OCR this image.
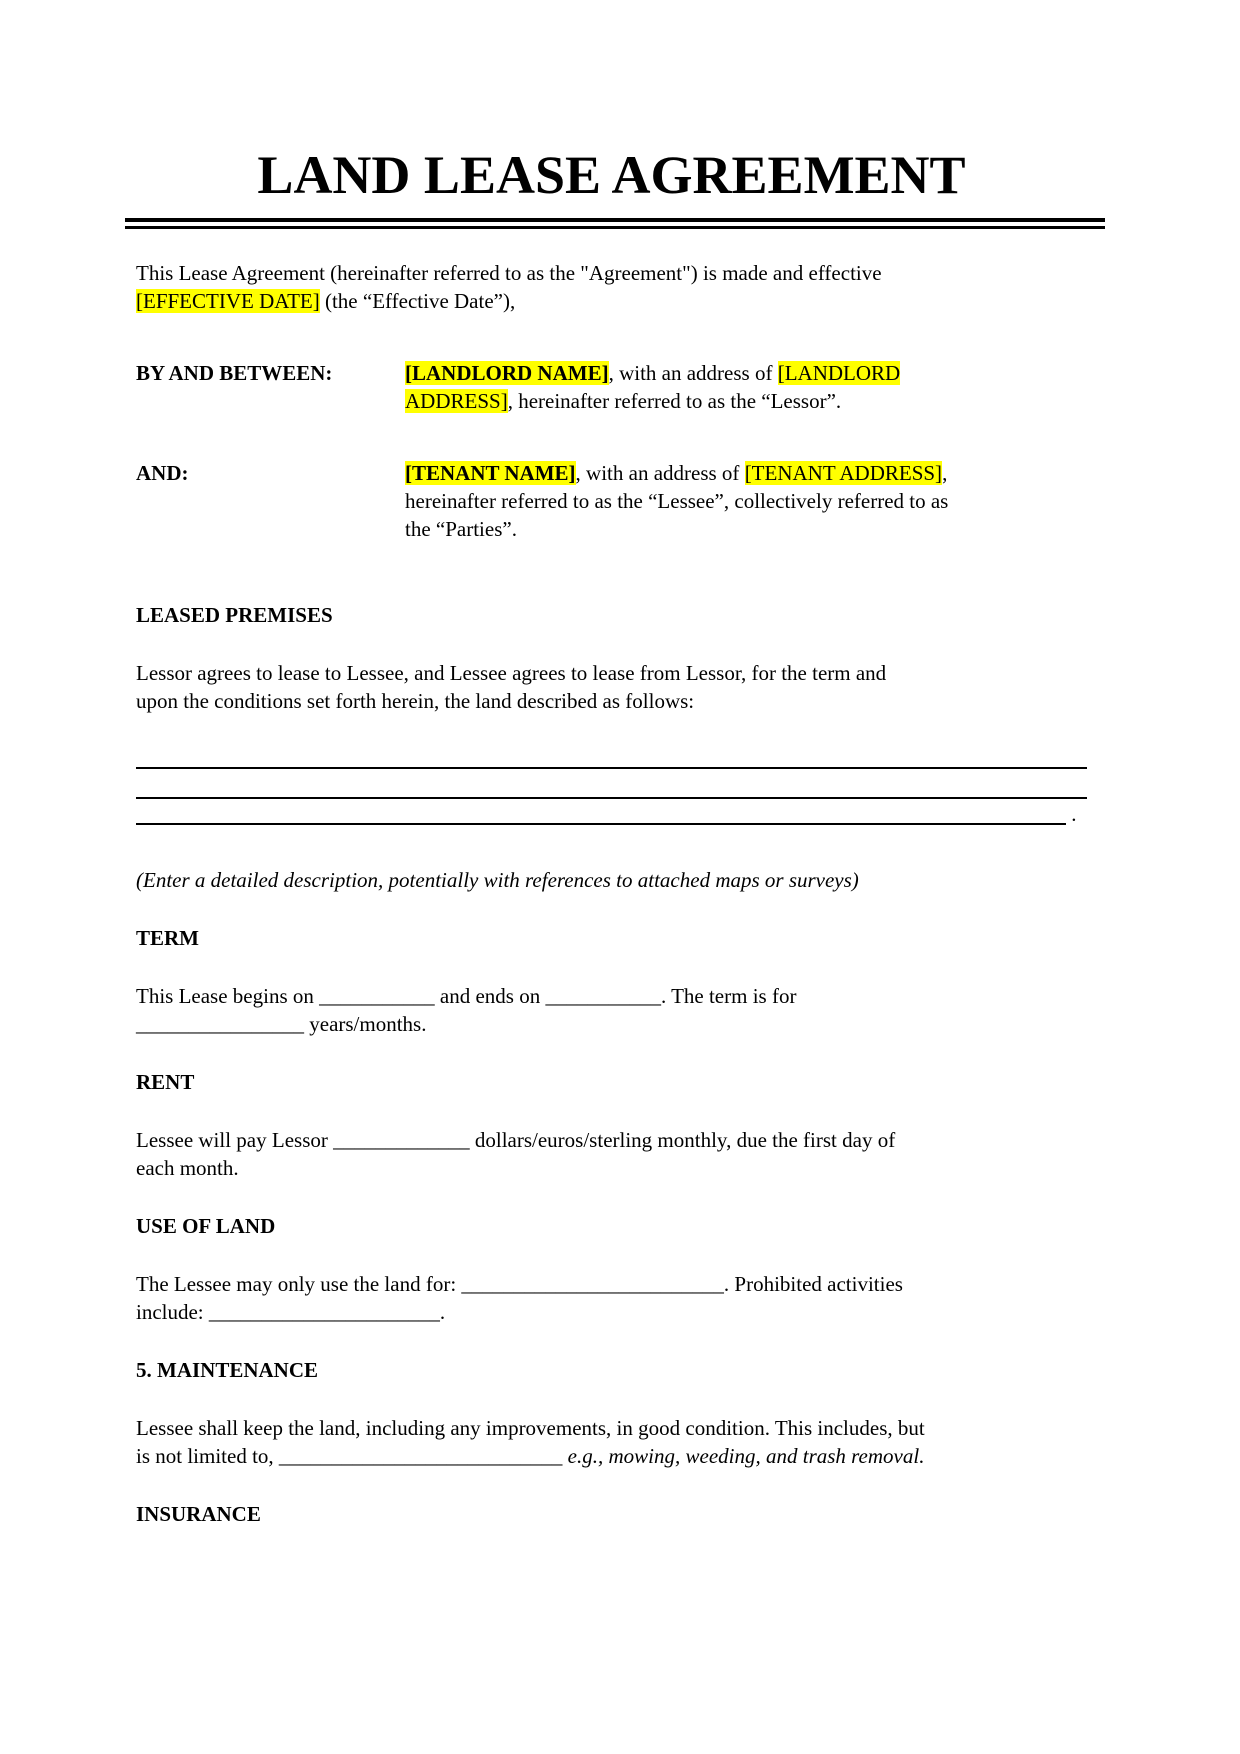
LAND LEASE AGREEMENT
This Lease Agreement (hereinafter referred to as the "Agreement") is made and effective
[EFFECTIVE DATE] (the “Effective Date”),
BY AND BETWEEN:	[LANDLORD NAME], with an address of [LANDLORD
ADDRESS], hereinafter referred to as the “Lessor”.
AND:	[TENANT NAME], with an address of [TENANT ADDRESS],
hereinafter referred to as the “Lessee”, collectively referred to as
the “Parties”.
LEASED PREMISES
Lessor agrees to lease to Lessee, and Lessee agrees to lease from Lessor, for the term and
upon the conditions set forth herein, the land described as follows:
.
(Enter a detailed description, potentially with references to attached maps or surveys)
TERM
This Lease begins on ___________ and ends on ___________. The term is for
________________ years/months.
RENT
Lessee will pay Lessor _____________ dollars/euros/sterling monthly, due the first day of
each month.
USE OF LAND
The Lessee may only use the land for: _________________________. Prohibited activities
include: ______________________.
5. MAINTENANCE
Lessee shall keep the land, including any improvements, in good condition. This includes, but
is not limited to, ___________________________ e.g., mowing, weeding, and trash removal.
INSURANCE
